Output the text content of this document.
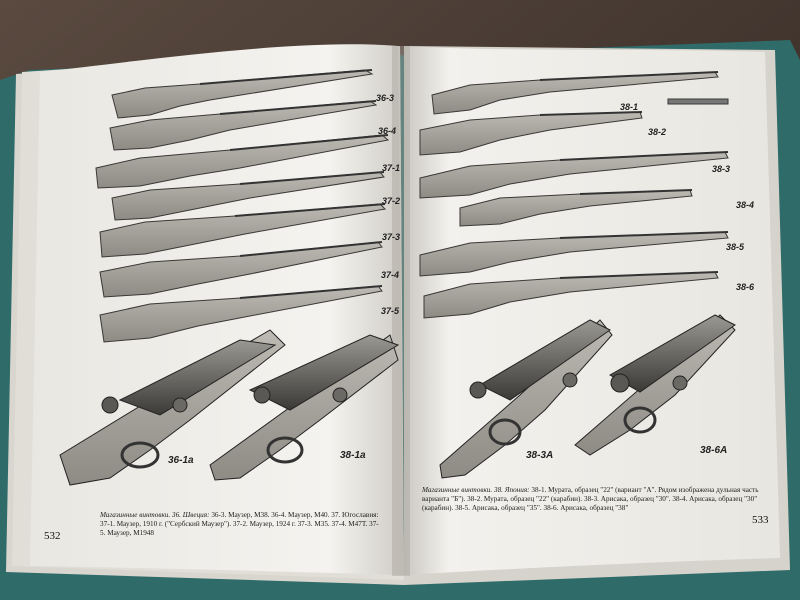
36-3
36-4
37-1
37-2
37-3
37-4
37-5
36-1а	38-1а
Магазинные винтовки. 36. Швеция: 36-3. Маузер, М38. 36-4. Маузер, М40. 37. Югославия: 37-1. Маузер, 1910 г. ("Сербский Маузер"). 37-2. Маузер, 1924 г. 37-3. М35. 37-4. М47Т. 37-5. Маузер, М1948
532
38-1
38-2
38-3
38-4
38-5
38-6
38-3А	38-6А
Магазинные винтовки. 38. Япония: 38-1. Мурата, образец "22" (вариант "А". Рядом изображена дульная часть варианта "Б"). 38-2. Мурата, образец "22" (карабин). 38-3. Арисака, образец "30". 38-4. Арисака, образец "30" (карабин). 38-5. Арисака, образец "35". 38-6. Арисака, образец "38"
533
